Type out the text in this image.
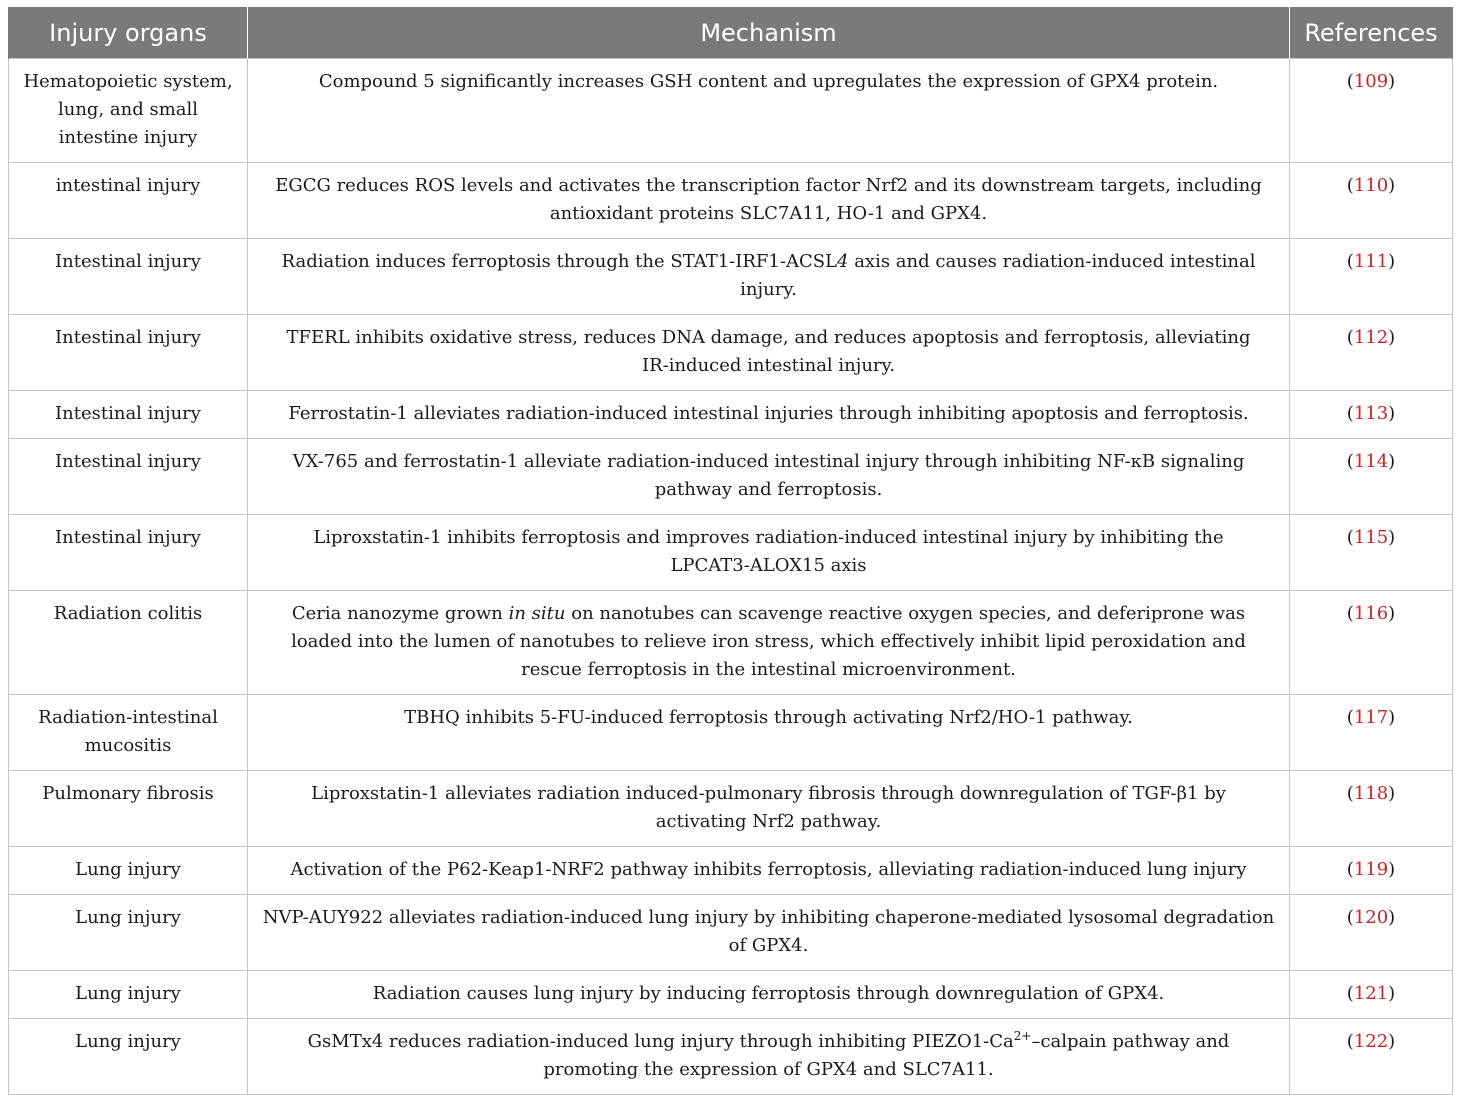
Injury organs	Mechanism	References
Hematopoietic system, lung, and small intestine injury	Compound 5 significantly increases GSH content and upregulates the expression of GPX4 protein.	(109)
intestinal injury	EGCG reduces ROS levels and activates the transcription factor Nrf2 and its downstream targets, including antioxidant proteins SLC7A11, HO-1 and GPX4.	(110)
Intestinal injury	Radiation induces ferroptosis through the STAT1-IRF1-ACSL4 axis and causes radiation-induced intestinal injury.	(111)
Intestinal injury	TFERL inhibits oxidative stress, reduces DNA damage, and reduces apoptosis and ferroptosis, alleviating IR-induced intestinal injury.	(112)
Intestinal injury	Ferrostatin-1 alleviates radiation-induced intestinal injuries through inhibiting apoptosis and ferroptosis.	(113)
Intestinal injury	VX-765 and ferrostatin-1 alleviate radiation-induced intestinal injury through inhibiting NF-κB signaling pathway and ferroptosis.	(114)
Intestinal injury	Liproxstatin-1 inhibits ferroptosis and improves radiation-induced intestinal injury by inhibiting the LPCAT3-ALOX15 axis	(115)
Radiation colitis	Ceria nanozyme grown in situ on nanotubes can scavenge reactive oxygen species, and deferiprone was loaded into the lumen of nanotubes to relieve iron stress, which effectively inhibit lipid peroxidation and rescue ferroptosis in the intestinal microenvironment.	(116)
Radiation-intestinal mucositis	TBHQ inhibits 5-FU-induced ferroptosis through activating Nrf2/HO-1 pathway.	(117)
Pulmonary fibrosis	Liproxstatin-1 alleviates radiation induced-pulmonary fibrosis through downregulation of TGF-β1 by activating Nrf2 pathway.	(118)
Lung injury	Activation of the P62-Keap1-NRF2 pathway inhibits ferroptosis, alleviating radiation-induced lung injury	(119)
Lung injury	NVP-AUY922 alleviates radiation-induced lung injury by inhibiting chaperone-mediated lysosomal degradation of GPX4.	(120)
Lung injury	Radiation causes lung injury by inducing ferroptosis through downregulation of GPX4.	(121)
Lung injury	GsMTx4 reduces radiation-induced lung injury through inhibiting $PIEZO1-Ca^{2+}$–calpain pathway and promoting the expression of GPX4 and SLC7A11.	(122)
